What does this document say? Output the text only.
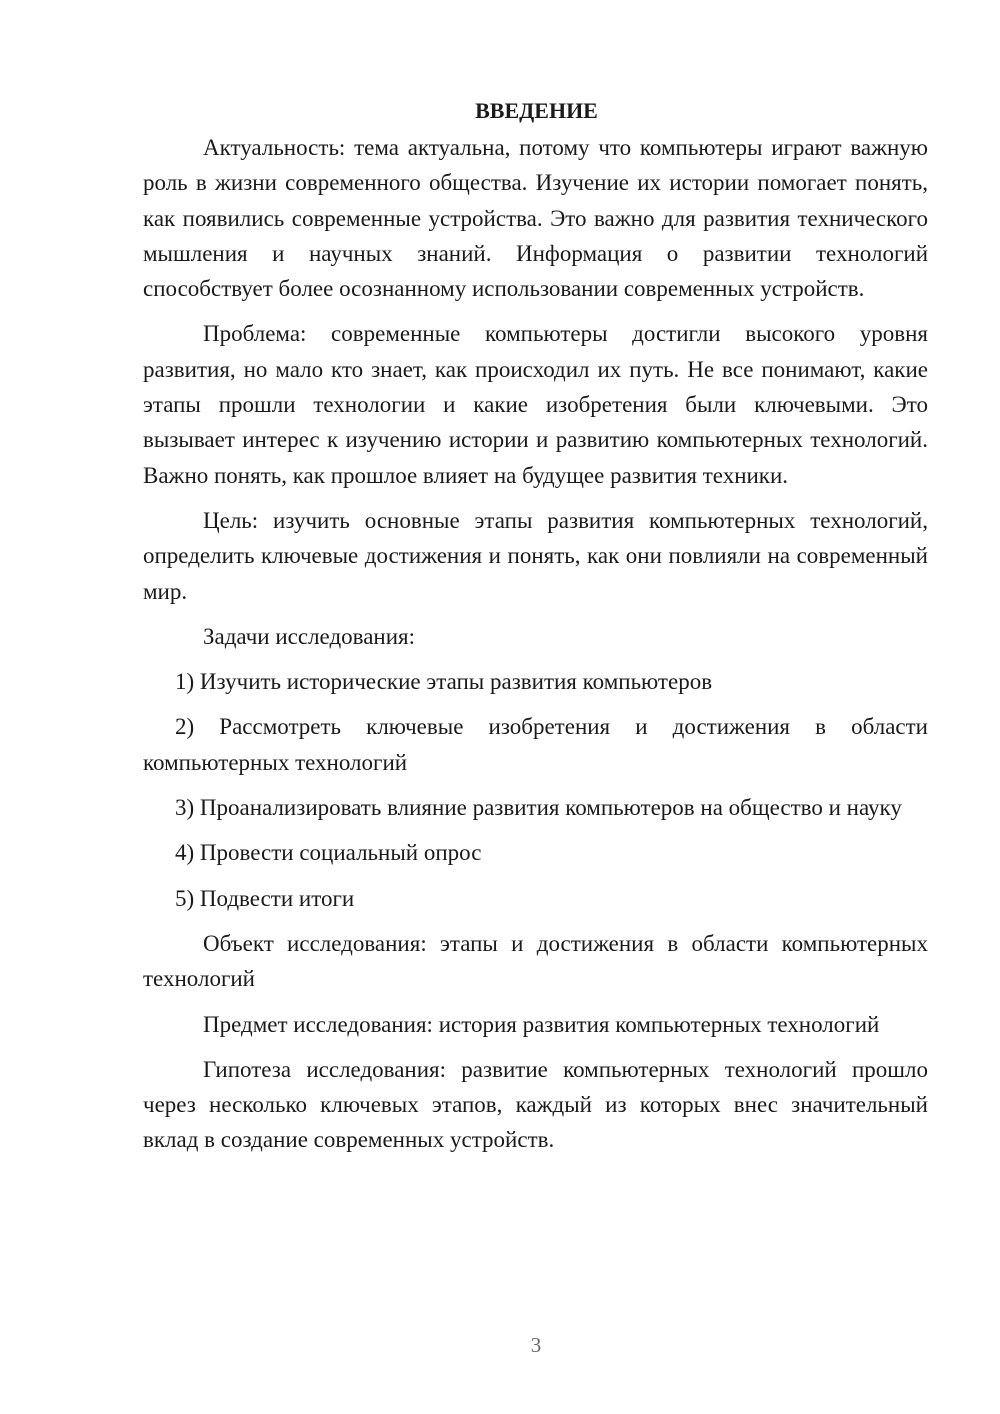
ВВЕДЕНИЕ

Актуальность: тема актуальна, потому что компьютеры играют важную роль в жизни современного общества. Изучение их истории помогает понять, как появились современные устройства. Это важно для развития технического мышления и научных знаний. Информация о развитии технологий способствует более осознанному использовании современных устройств.

Проблема: современные компьютеры достигли высокого уровня развития, но мало кто знает, как происходил их путь. Не все понимают, какие этапы прошли технологии и какие изобретения были ключевыми. Это вызывает интерес к изучению истории и развитию компьютерных технологий. Важно понять, как прошлое влияет на будущее развития техники.

Цель: изучить основные этапы развития компьютерных технологий, определить ключевые достижения и понять, как они повлияли на современный мир.

Задачи исследования:

1) Изучить исторические этапы развития компьютеров

2) Рассмотреть ключевые изобретения и достижения в области компьютерных технологий

3) Проанализировать влияние развития компьютеров на общество и науку

4) Провести социальный опрос

5) Подвести итоги

Объект исследования: этапы и достижения в области компьютерных технологий

Предмет исследования: история развития компьютерных технологий

Гипотеза исследования: развитие компьютерных технологий прошло через несколько ключевых этапов, каждый из которых внес значительный вклад в создание современных устройств.

3
